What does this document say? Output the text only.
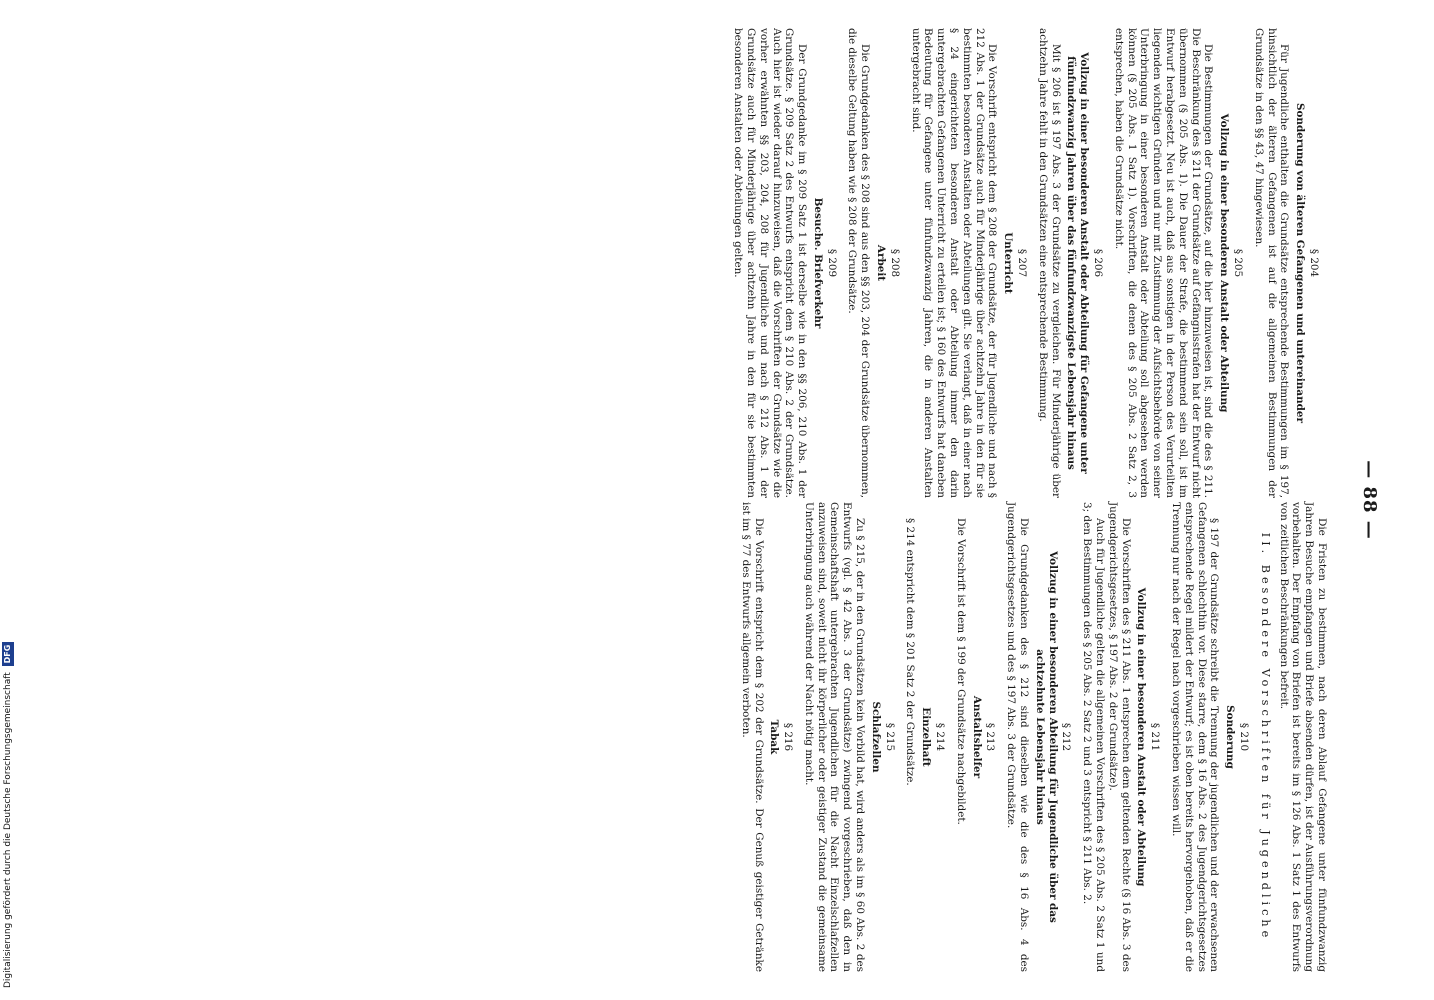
— 88 —
§ 204
Sonderung von älteren Gefangenen und untereinander

Für Jugendliche enthalten die Grundsätze entsprechende Bestimmungen im § 197, hinsichtlich der älteren Gefangenen ist auf die allgemeinen Bestimmungen der Grundsätze in den §§ 43, 47 hingewiesen.

§ 205
Vollzug in einer besonderen Anstalt oder Abteilung

Die Bestimmungen der Grundsätze, auf die hier hinzuweisen ist, sind die des § 211. Die Beschränkung des § 211 der Grundsätze auf Gefängnisstrafen hat der Entwurf nicht übernommen (§ 205 Abs. 1). Die Dauer der Strafe, die bestimmend sein soll, ist im Entwurf herabgesetzt. Neu ist auch, daß aus sonstigen in der Person des Verurteilten liegenden wichtigen Gründen und nur mit Zustimmung der Aufsichtsbehörde von seiner Unterbringung in einer besonderen Anstalt oder Abteilung soll abgesehen werden können (§ 205 Abs. 1 Satz 1). Vorschriften, die denen des § 205 Abs. 2 Satz 2, 3 entsprechen, haben die Grundsätze nicht.

§ 206
Vollzug in einer besonderen Anstalt oder Abteilung für Gefangene unter fünfundzwanzig Jahren über das fünfundzwanzigste Lebensjahr hinaus

Mit § 206 ist § 197 Abs. 3 der Grundsätze zu vergleichen. Für Minderjährige über achtzehn Jahre fehlt in den Grundsätzen eine entsprechende Bestimmung.

§ 207
Unterricht

Die Vorschrift entspricht dem § 208 der Grundsätze, der für Jugendliche und nach § 212 Abs. 1 der Grundsätze auch für Minderjährige über achtzehn Jahre in den für sie bestimmten besonderen Anstalten oder Abteilungen gilt. Sie verlangt, daß in einer nach § 24 eingerichteten besonderen Anstalt oder Abteilung immer den darin untergebrachten Gefangenen Unterricht zu erteilen ist; § 160 des Entwurfs hat daneben Bedeutung für Gefangene unter fünfundzwanzig Jahren, die in anderen Anstalten untergebracht sind.

§ 208
Arbeit

Die Grundgedanken des § 208 sind aus den §§ 203, 204 der Grundsätze übernommen, die dieselbe Geltung haben wie § 208 der Grundsätze.

§ 209
Besuche. Briefverkehr

Der Grundgedanke im § 209 Satz 1 ist derselbe wie in den §§ 206, 210 Abs. 1 der Grundsätze. § 209 Satz 2 des Entwurfs entspricht dem § 210 Abs. 2 der Grundsätze. Auch hier ist wieder darauf hinzuweisen, daß die Vorschriften der Grundsätze wie die vorher erwähnten §§ 203, 204, 208 für Jugendliche und nach § 212 Abs. 1 der Grundsätze auch für Minderjährige über achtzehn Jahre in den für sie bestimmten besonderen Anstalten oder Abteilungen gelten.

Die Fristen zu bestimmen, nach deren Ablauf Gefangene unter fünfundzwanzig Jahren Besuche empfangen und Briefe absenden dürfen, ist der Ausführungsverordnung vorbehalten. Der Empfang von Briefen ist bereits im § 126 Abs. 1 Satz 1 des Entwurfs von zeitlichen Beschränkungen befreit.

II. Besondere Vorschriften für Jugendliche
§ 210
Sonderung

§ 197 der Grundsätze schreibt die Trennung der jugendlichen und der erwachsenen Gefangenen schlechthin vor. Diese starre, dem § 16 Abs. 2 des Jugendgerichtsgesetzes entsprechende Regel mildert der Entwurf; es ist oben bereits hervorgehoben, daß er die Trennung nur nach der Regel nach vorgeschrieben wissen will.

§ 211
Vollzug in einer besonderen Anstalt oder Abteilung

Die Vorschriften des § 211 Abs. 1 entsprechen dem geltenden Rechte (§ 16 Abs. 3 des Jugendgerichtsgesetzes, § 197 Abs. 2 der Grundsätze).

Auch für Jugendliche gelten die allgemeinen Vorschriften des § 205 Abs. 2 Satz 1 und 3; den Bestimmungen des § 205 Abs. 2 Satz 2 und 3 entspricht § 211 Abs. 2.

§ 212
Vollzug in einer besonderen Abteilung für Jugendliche über das achtzehnte Lebensjahr hinaus

Die Grundgedanken des § 212 sind dieselben wie die des § 16 Abs. 4 des Jugendgerichtsgesetzes und des § 197 Abs. 3 der Grundsätze.

§ 213
Anstaltshelfer

Die Vorschrift ist dem § 199 der Grundsätze nachgebildet.

§ 214
Einzelhaft

§ 214 entspricht dem § 201 Satz 2 der Grundsätze.

§ 215
Schlafzellen

Zu § 215, der in den Grundsätzen kein Vorbild hat, wird anders als im § 60 Abs. 2 des Entwurfs (vgl. § 42 Abs. 3 der Grundsätze) zwingend vorgeschrieben, daß den in Gemeinschaftshaft untergebrachten Jugendlichen für die Nacht Einzelschlafzellen anzuweisen sind, soweit nicht ihr körperlicher oder geistiger Zustand die gemeinsame Unterbringung auch während der Nacht nötig macht.

§ 216
Tabak

Die Vorschrift entspricht dem § 202 der Grundsätze. Der Genuß geistiger Getränke ist im § 77 des Entwurfs allgemein verboten.

Digitalisierung gefördert durch die Deutsche Forschungsgemeinschaft DFG
